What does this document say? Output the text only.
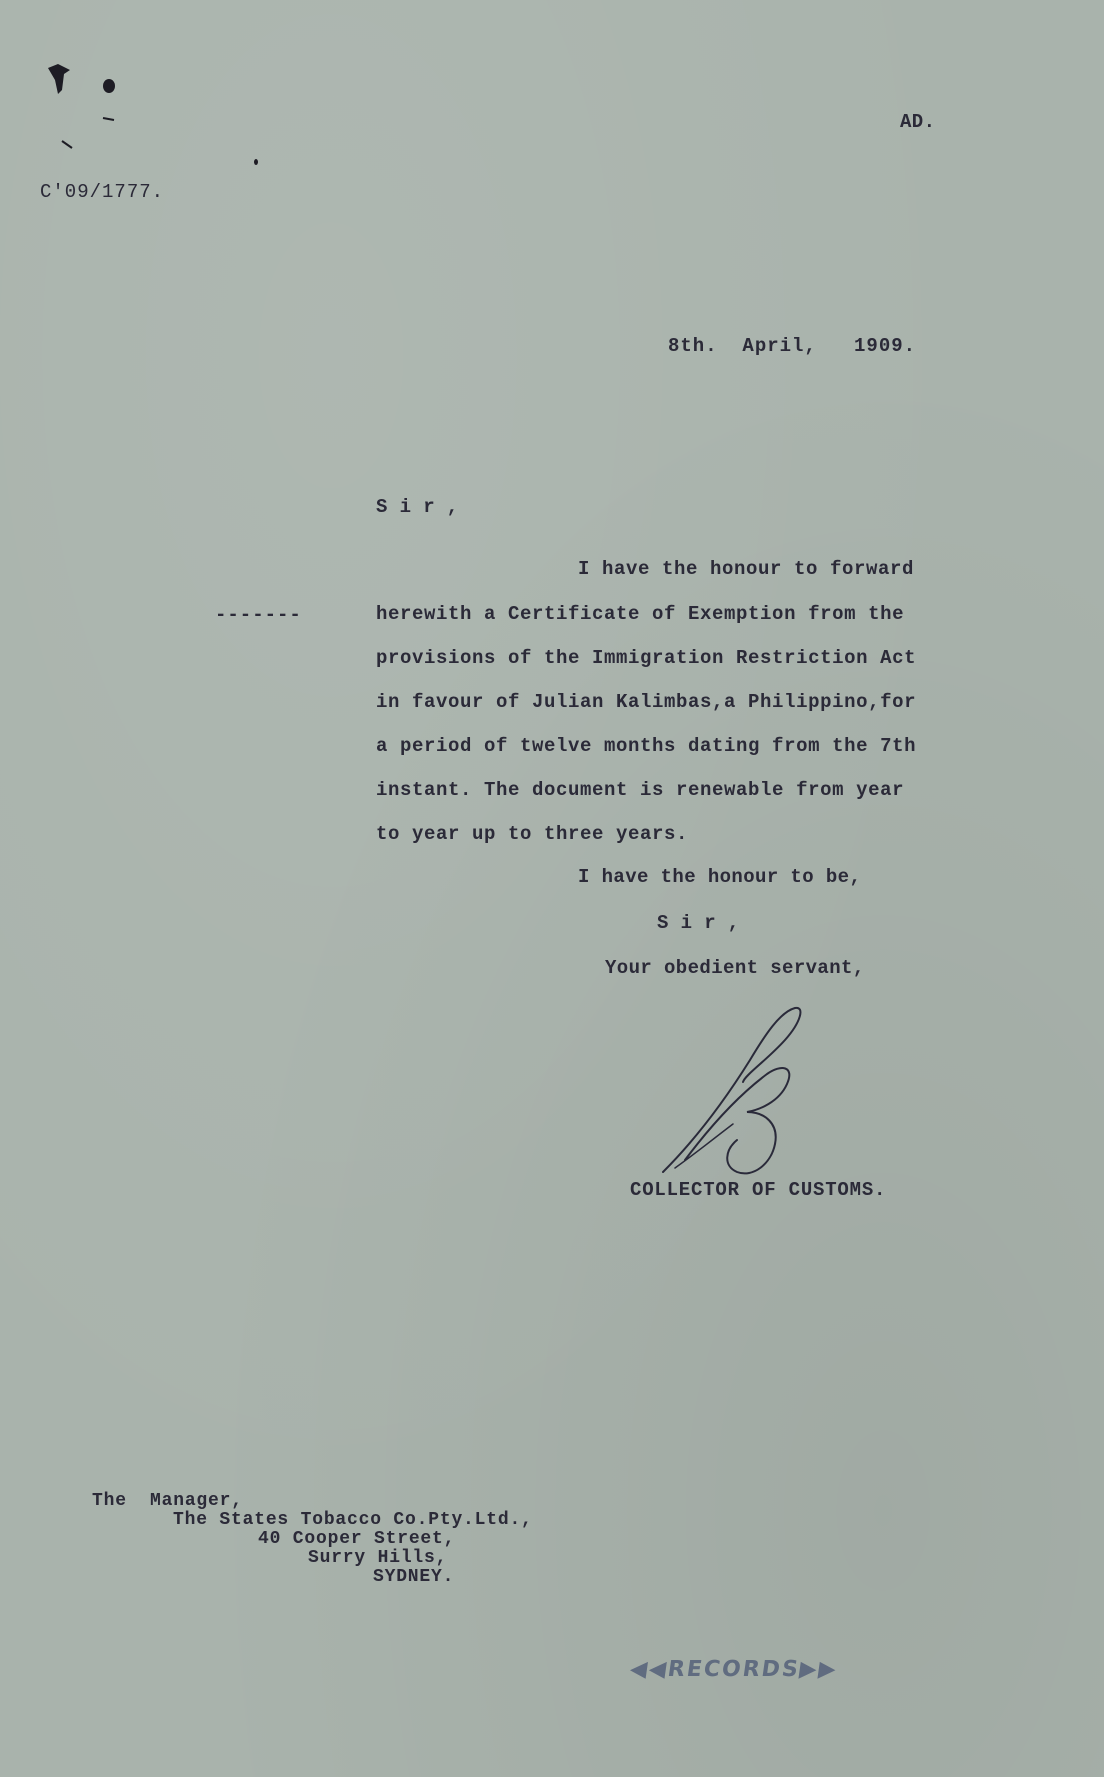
C'09/1777.
AD.
8th.  April,   1909.
S i r ,
-------
I have the honour to forward
herewith a Certificate of Exemption from the
provisions of the Immigration Restriction Act
in favour of Julian Kalimbas,a Philippino,for
a period of twelve months dating from the 7th
instant. The document is renewable from year
to year up to three years.
I have the honour to be,
S i r ,
Your obedient servant,
COLLECTOR OF CUSTOMS.
The  Manager,
The States Tobacco Co.Pty.Ltd.,
40 Cooper Street,
Surry Hills,
SYDNEY.
◀◀RECORDS▶▶
